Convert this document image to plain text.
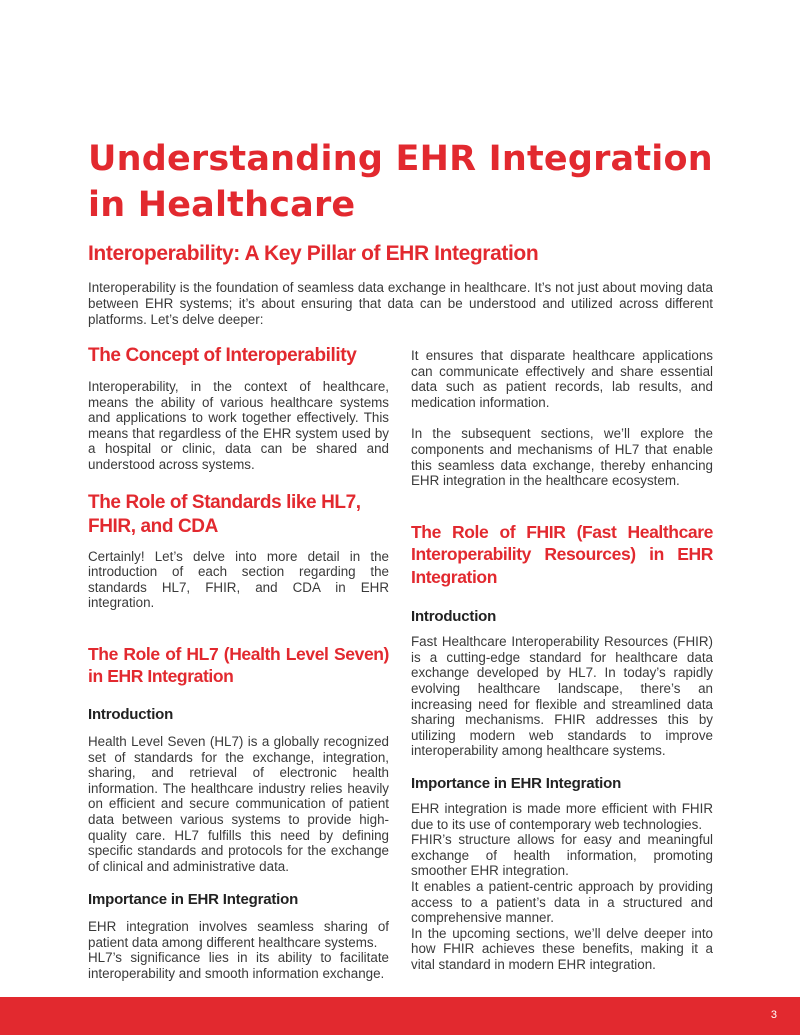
Understanding EHR Integration in Healthcare
Interoperability: A Key Pillar of EHR Integration

Interoperability is the foundation of seamless data exchange in healthcare. It’s not just about moving data between EHR systems; it’s about ensuring that data can be understood and utilized across different platforms. Let’s delve deeper:

The Concept of Interoperability

Interoperability, in the context of healthcare, means the ability of various healthcare systems and applications to work together effectively. This means that regardless of the EHR system used by a hospital or clinic, data can be shared and understood across systems.

The Role of Standards like HL7, FHIR, and CDA

Certainly! Let’s delve into more detail in the introduction of each section regarding the standards HL7, FHIR, and CDA in EHR integration.

The Role of HL7 (Health Level Seven) in EHR Integration
Introduction

Health Level Seven (HL7) is a globally recognized set of standards for the exchange, integration, sharing, and retrieval of electronic health information. The healthcare industry relies heavily on efficient and secure communication of patient data between various systems to provide high-quality care. HL7 fulfills this need by defining specific standards and protocols for the exchange of clinical and administrative data.

Importance in EHR Integration

EHR integration involves seamless sharing of patient data among different healthcare systems.

HL7’s significance lies in its ability to facilitate interoperability and smooth information exchange.

It ensures that disparate healthcare applications can communicate effectively and share essential data such as patient records, lab results, and medication information.

In the subsequent sections, we’ll explore the components and mechanisms of HL7 that enable this seamless data exchange, thereby enhancing EHR integration in the healthcare ecosystem.

The Role of FHIR (Fast Healthcare Interoperability Resources) in EHR Integration
Introduction

Fast Healthcare Interoperability Resources (FHIR) is a cutting-edge standard for healthcare data exchange developed by HL7. In today’s rapidly evolving healthcare landscape, there’s an increasing need for flexible and streamlined data sharing mechanisms. FHIR addresses this by utilizing modern web standards to improve interoperability among healthcare systems.

Importance in EHR Integration

EHR integration is made more efficient with FHIR due to its use of contemporary web technologies.

FHIR’s structure allows for easy and meaningful exchange of health information, promoting smoother EHR integration.

It enables a patient-centric approach by providing access to a patient’s data in a structured and comprehensive manner.

In the upcoming sections, we’ll delve deeper into how FHIR achieves these benefits, making it a vital standard in modern EHR integration.

3
